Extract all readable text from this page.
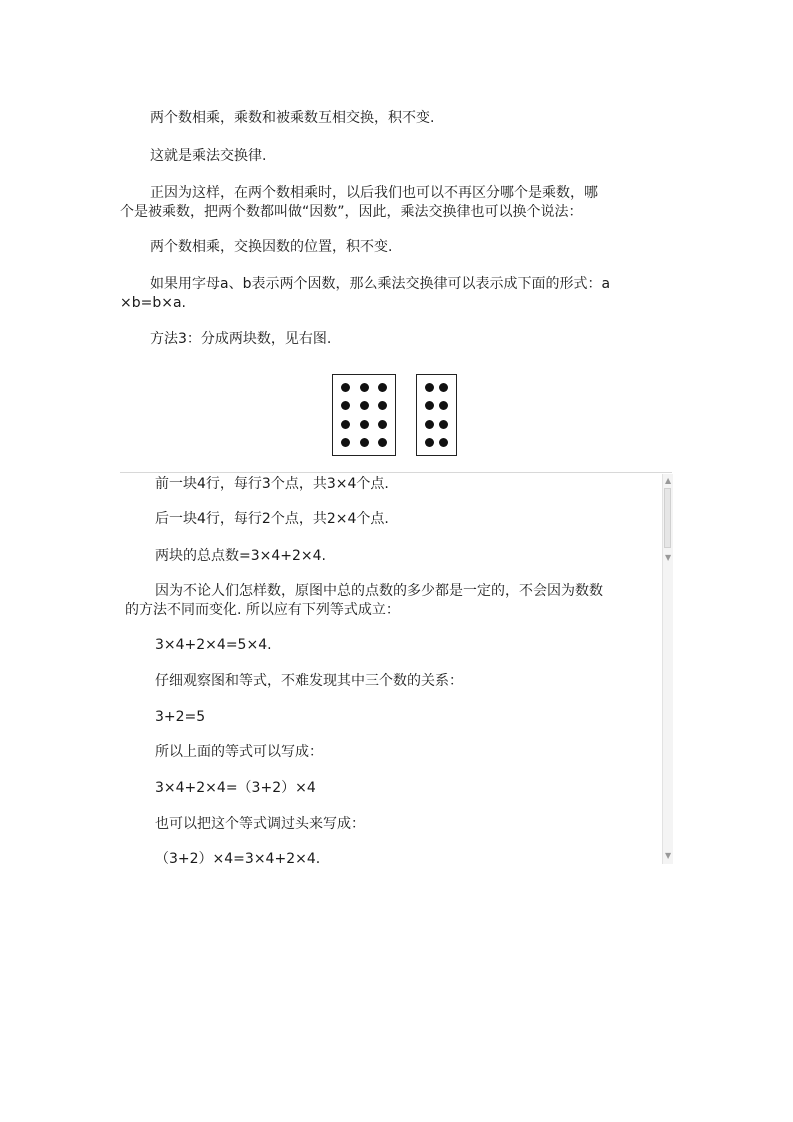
两个数相乘，乘数和被乘数互相交换，积不变.
这就是乘法交换律.
正因为这样，在两个数相乘时，以后我们也可以不再区分哪个是乘数，哪
个是被乘数，把两个数都叫做“因数”，因此，乘法交换律也可以换个说法：
两个数相乘，交换因数的位置，积不变.
如果用字母a、b表示两个因数，那么乘法交换律可以表示成下面的形式：a
×b=b×a.
方法3：分成两块数，见右图.
前一块4行，每行3个点，共3×4个点.
后一块4行，每行2个点，共2×4个点.
两块的总点数=3×4+2×4.
因为不论人们怎样数，原图中总的点数的多少都是一定的，不会因为数数
的方法不同而变化. 所以应有下列等式成立：
3×4+2×4=5×4.
仔细观察图和等式，不难发现其中三个数的关系：
3+2=5
所以上面的等式可以写成：
3×4+2×4=（3+2）×4
也可以把这个等式调过头来写成：
（3+2）×4=3×4+2×4.
▲
▼
▼
